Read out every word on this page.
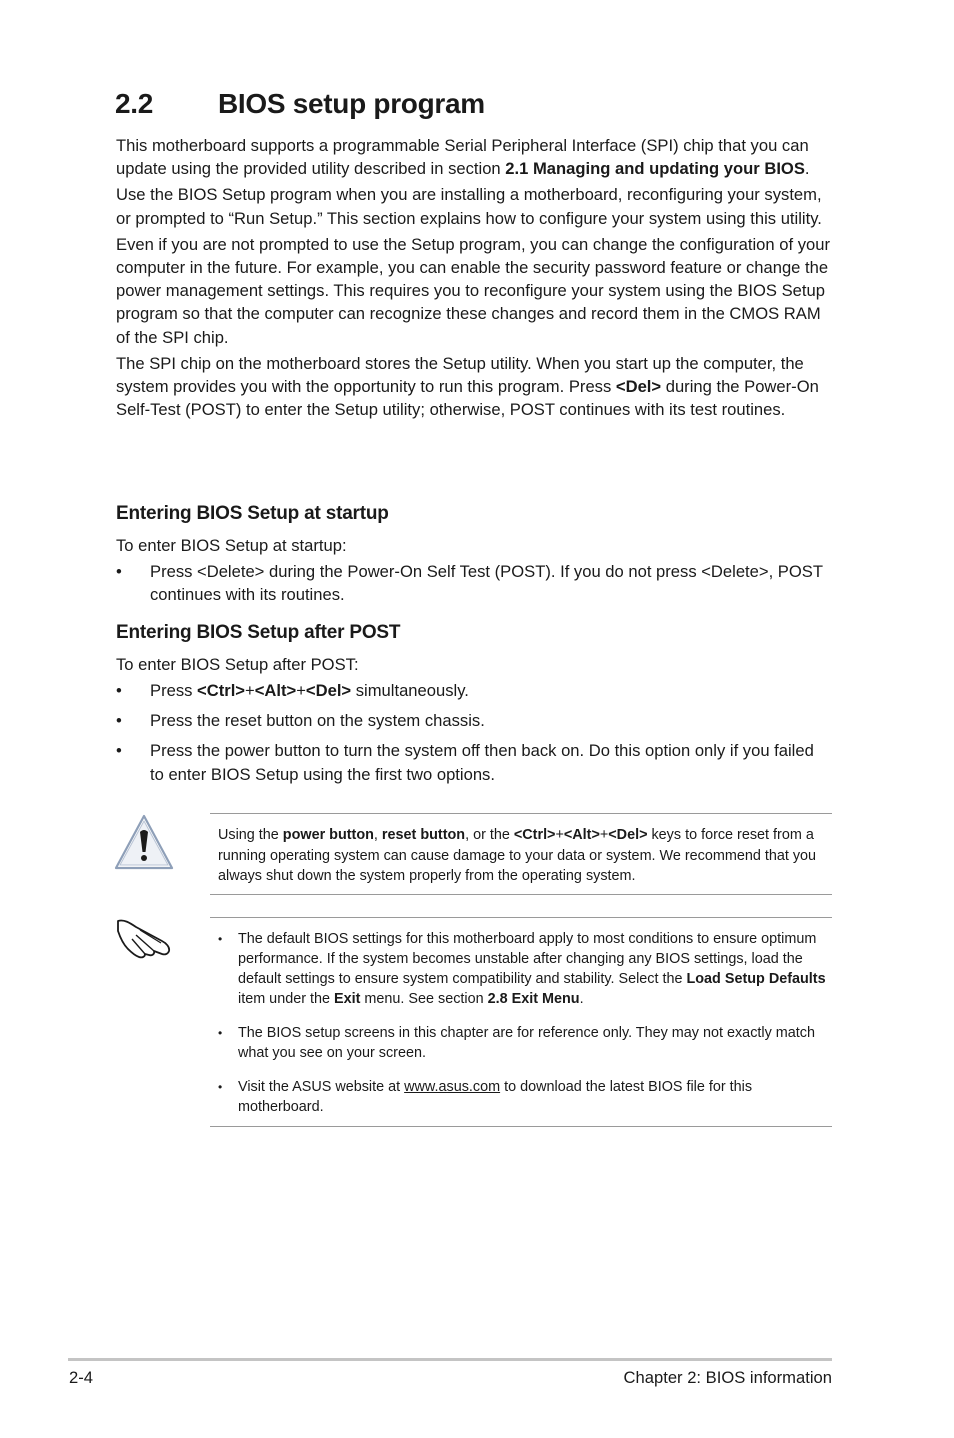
2.2 BIOS setup program

This motherboard supports a programmable Serial Peripheral Interface (SPI) chip that you can update using the provided utility described in section 2.1 Managing and updating your BIOS.

Use the BIOS Setup program when you are installing a motherboard, reconfiguring your system, or prompted to “Run Setup.” This section explains how to configure your system using this utility.

Even if you are not prompted to use the Setup program, you can change the configuration of your computer in the future. For example, you can enable the security password feature or change the power management settings. This requires you to reconfigure your system using the BIOS Setup program so that the computer can recognize these changes and record them in the CMOS RAM of the SPI chip.

The SPI chip on the motherboard stores the Setup utility. When you start up the computer, the system provides you with the opportunity to run this program. Press <Del> during the Power-On Self-Test (POST) to enter the Setup utility; otherwise, POST continues with its test routines.

Entering BIOS Setup at startup

To enter BIOS Setup at startup:

• Press <Delete> during the Power-On Self Test (POST). If you do not press <Delete>, POST continues with its routines.
Entering BIOS Setup after POST

To enter BIOS Setup after POST:

• Press <Ctrl>+<Alt>+<Del> simultaneously.
• Press the reset button on the system chassis.
• Press the power button to turn the system off then back on. Do this option only if you failed to enter BIOS Setup using the first two options.
Using the power button, reset button, or the <Ctrl>+<Alt>+<Del> keys to force reset from a running operating system can cause damage to your data or system. We recommend that you always shut down the system properly from the operating system.
• The default BIOS settings for this motherboard apply to most conditions to ensure optimum performance. If the system becomes unstable after changing any BIOS settings, load the default settings to ensure system compatibility and stability. Select the Load Setup Defaults item under the Exit menu. See section 2.8 Exit Menu.
• The BIOS setup screens in this chapter are for reference only. They may not exactly match what you see on your screen.
• Visit the ASUS website at www.asus.com to download the latest BIOS file for this motherboard.
2-4	Chapter 2: BIOS information
